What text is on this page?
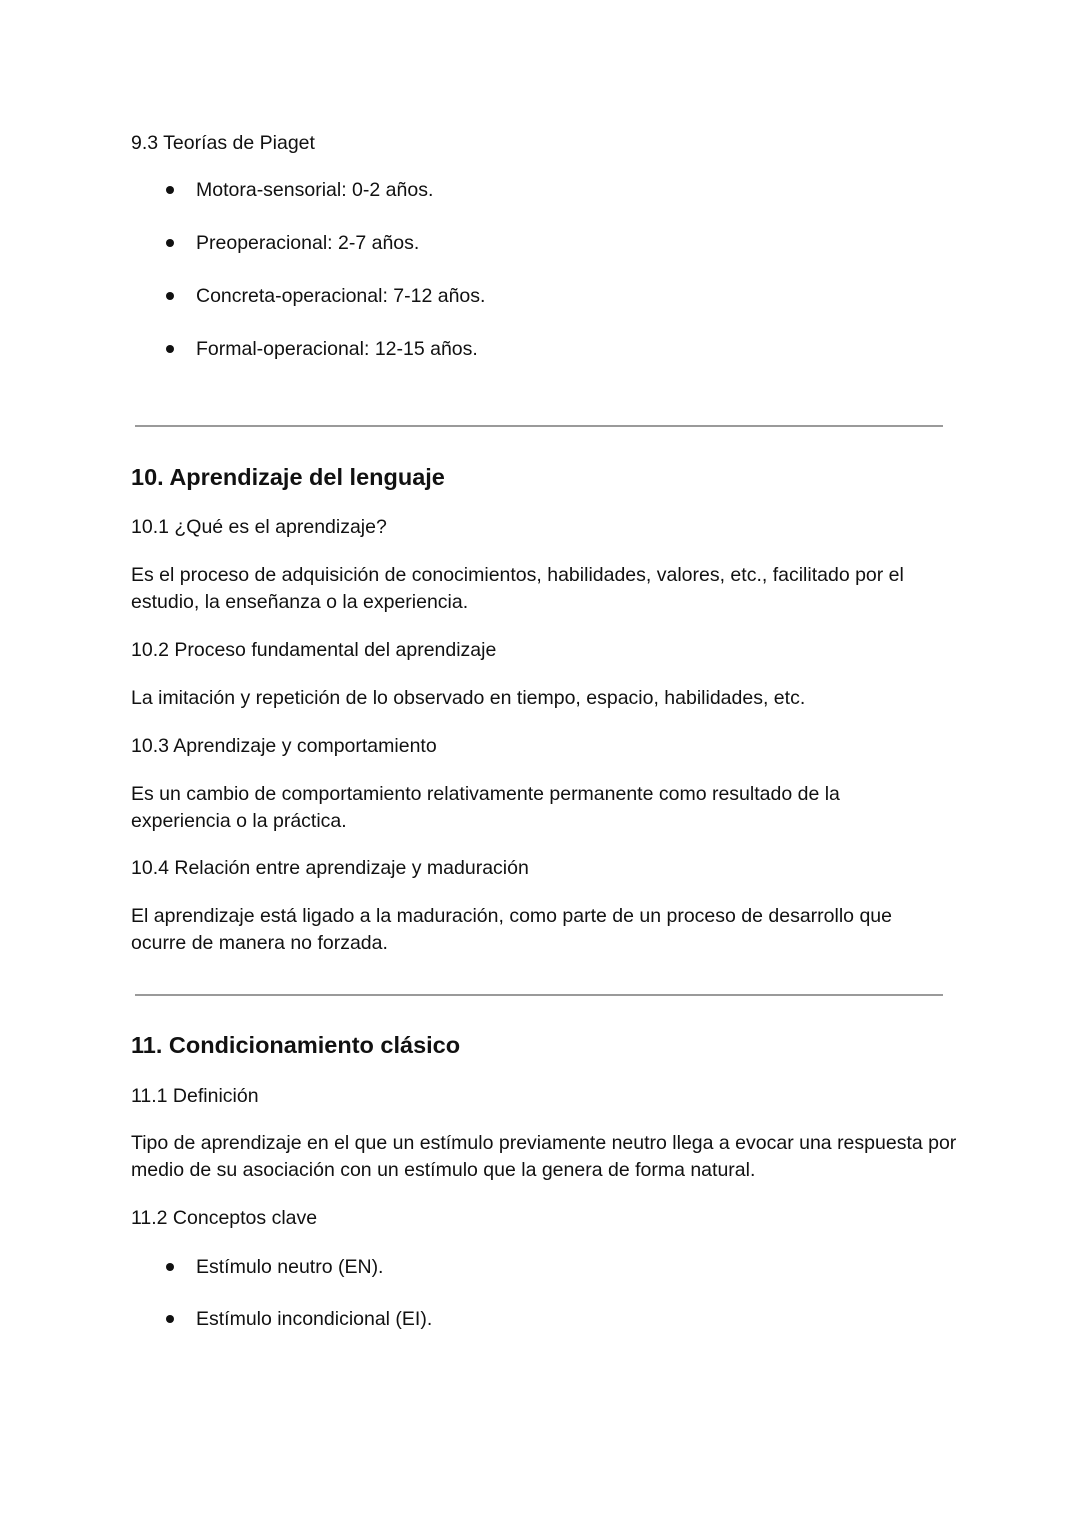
9.3 Teorías de Piaget
Motora-sensorial: 0-2 años.
Preoperacional: 2-7 años.
Concreta-operacional: 7-12 años.
Formal-operacional: 12-15 años.
10. Aprendizaje del lenguaje
10.1 ¿Qué es el aprendizaje?
Es el proceso de adquisición de conocimientos, habilidades, valores, etc., facilitado por el estudio, la enseñanza o la experiencia.
10.2 Proceso fundamental del aprendizaje
La imitación y repetición de lo observado en tiempo, espacio, habilidades, etc.
10.3 Aprendizaje y comportamiento
Es un cambio de comportamiento relativamente permanente como resultado de la experiencia o la práctica.
10.4 Relación entre aprendizaje y maduración
El aprendizaje está ligado a la maduración, como parte de un proceso de desarrollo que ocurre de manera no forzada.
11. Condicionamiento clásico
11.1 Definición
Tipo de aprendizaje en el que un estímulo previamente neutro llega a evocar una respuesta por medio de su asociación con un estímulo que la genera de forma natural.
11.2 Conceptos clave
Estímulo neutro (EN).
Estímulo incondicional (EI).
